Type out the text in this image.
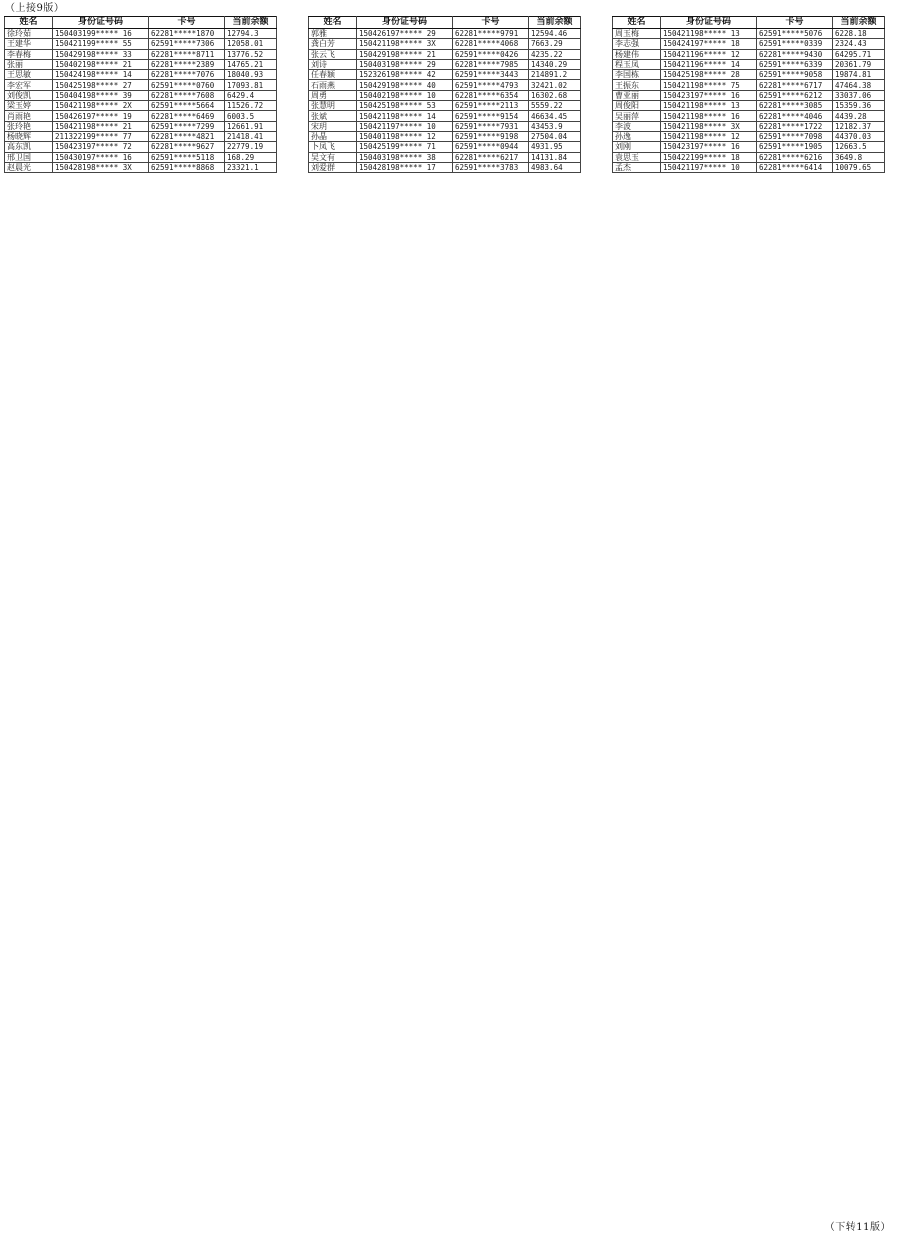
（上接9版）
姓名	身份证号码	卡号	当前余额
徐玲茹	150403199***** 16	62281*****1870	12794.3
王建华	150421199***** 55	62591*****7306	12058.01
李春梅	150429198***** 33	62281*****8711	13776.52
张丽	150402198***** 21	62281*****2389	14765.21
王思敏	150424198***** 14	62281*****7076	18040.93
李宏军	150425198***** 27	62591*****0760	17093.81
刘俊凯	150404198***** 39	62281*****7608	6429.4
梁玉婷	150421198***** 2X	62591*****5664	11526.72
肖雨艳	150426197***** 19	62281*****6469	6003.5
张玲艳	150421198***** 21	62591*****7299	12661.91
杨晓辉	211322199***** 77	62281*****4821	21418.41
高东凯	150423197***** 72	62281*****9627	22779.19
邢卫国	150430197***** 16	62591*****5118	168.29
赵晨光	150428198***** 3X	62591*****8868	23321.1
姓名	身份证号码	卡号	当前余额
郭雅	150426197***** 29	62281*****9791	12594.46
龚白芳	150421198***** 3X	62281*****4068	7663.29
张云飞	150429198***** 21	62591*****0426	4235.22
刘诗	150403198***** 29	62281*****7985	14340.29
任春颖	152326198***** 42	62591*****3443	214891.2
石雨燕	150429198***** 40	62591*****4793	32421.02
周勇	150402198***** 10	62281*****6354	16302.68
张慧明	150425198***** 53	62591*****2113	5559.22
张斌	150421198***** 14	62591*****9154	46634.45
宋玥	150421197***** 10	62591*****7931	43453.9
孙晶	150401198***** 12	62591*****9198	27504.04
卜凤飞	150425199***** 71	62591*****0944	4931.95
吴文有	150403198***** 38	62281*****6217	14131.84
刘爱群	150428198***** 17	62591*****3783	4983.64
姓名	身份证号码	卡号	当前余额
周玉梅	150421198***** 13	62591*****5076	6228.18
李志强	150424197***** 18	62591*****0339	2324.43
杨建伟	150421196***** 12	62281*****9430	64295.71
程玉凤	150421196***** 14	62591*****6339	20361.79
李国栋	150425198***** 28	62591*****9058	19874.81
王振东	150421198***** 75	62281*****6717	47464.38
曹亚丽	150423197***** 16	62591*****6212	33037.06
周俊阳	150421198***** 13	62281*****3085	15359.36
吴丽萍	150421198***** 16	62281*****4046	4439.28
李波	150421198***** 3X	62281*****1722	12182.37
孙逸	150421198***** 12	62591*****7098	44370.03
刘刚	150423197***** 16	62591*****1905	12663.5
袁思玉	150422199***** 18	62281*****6216	3649.8
孟杰	150421197***** 10	62281*****6414	10079.65
（下转11版）
